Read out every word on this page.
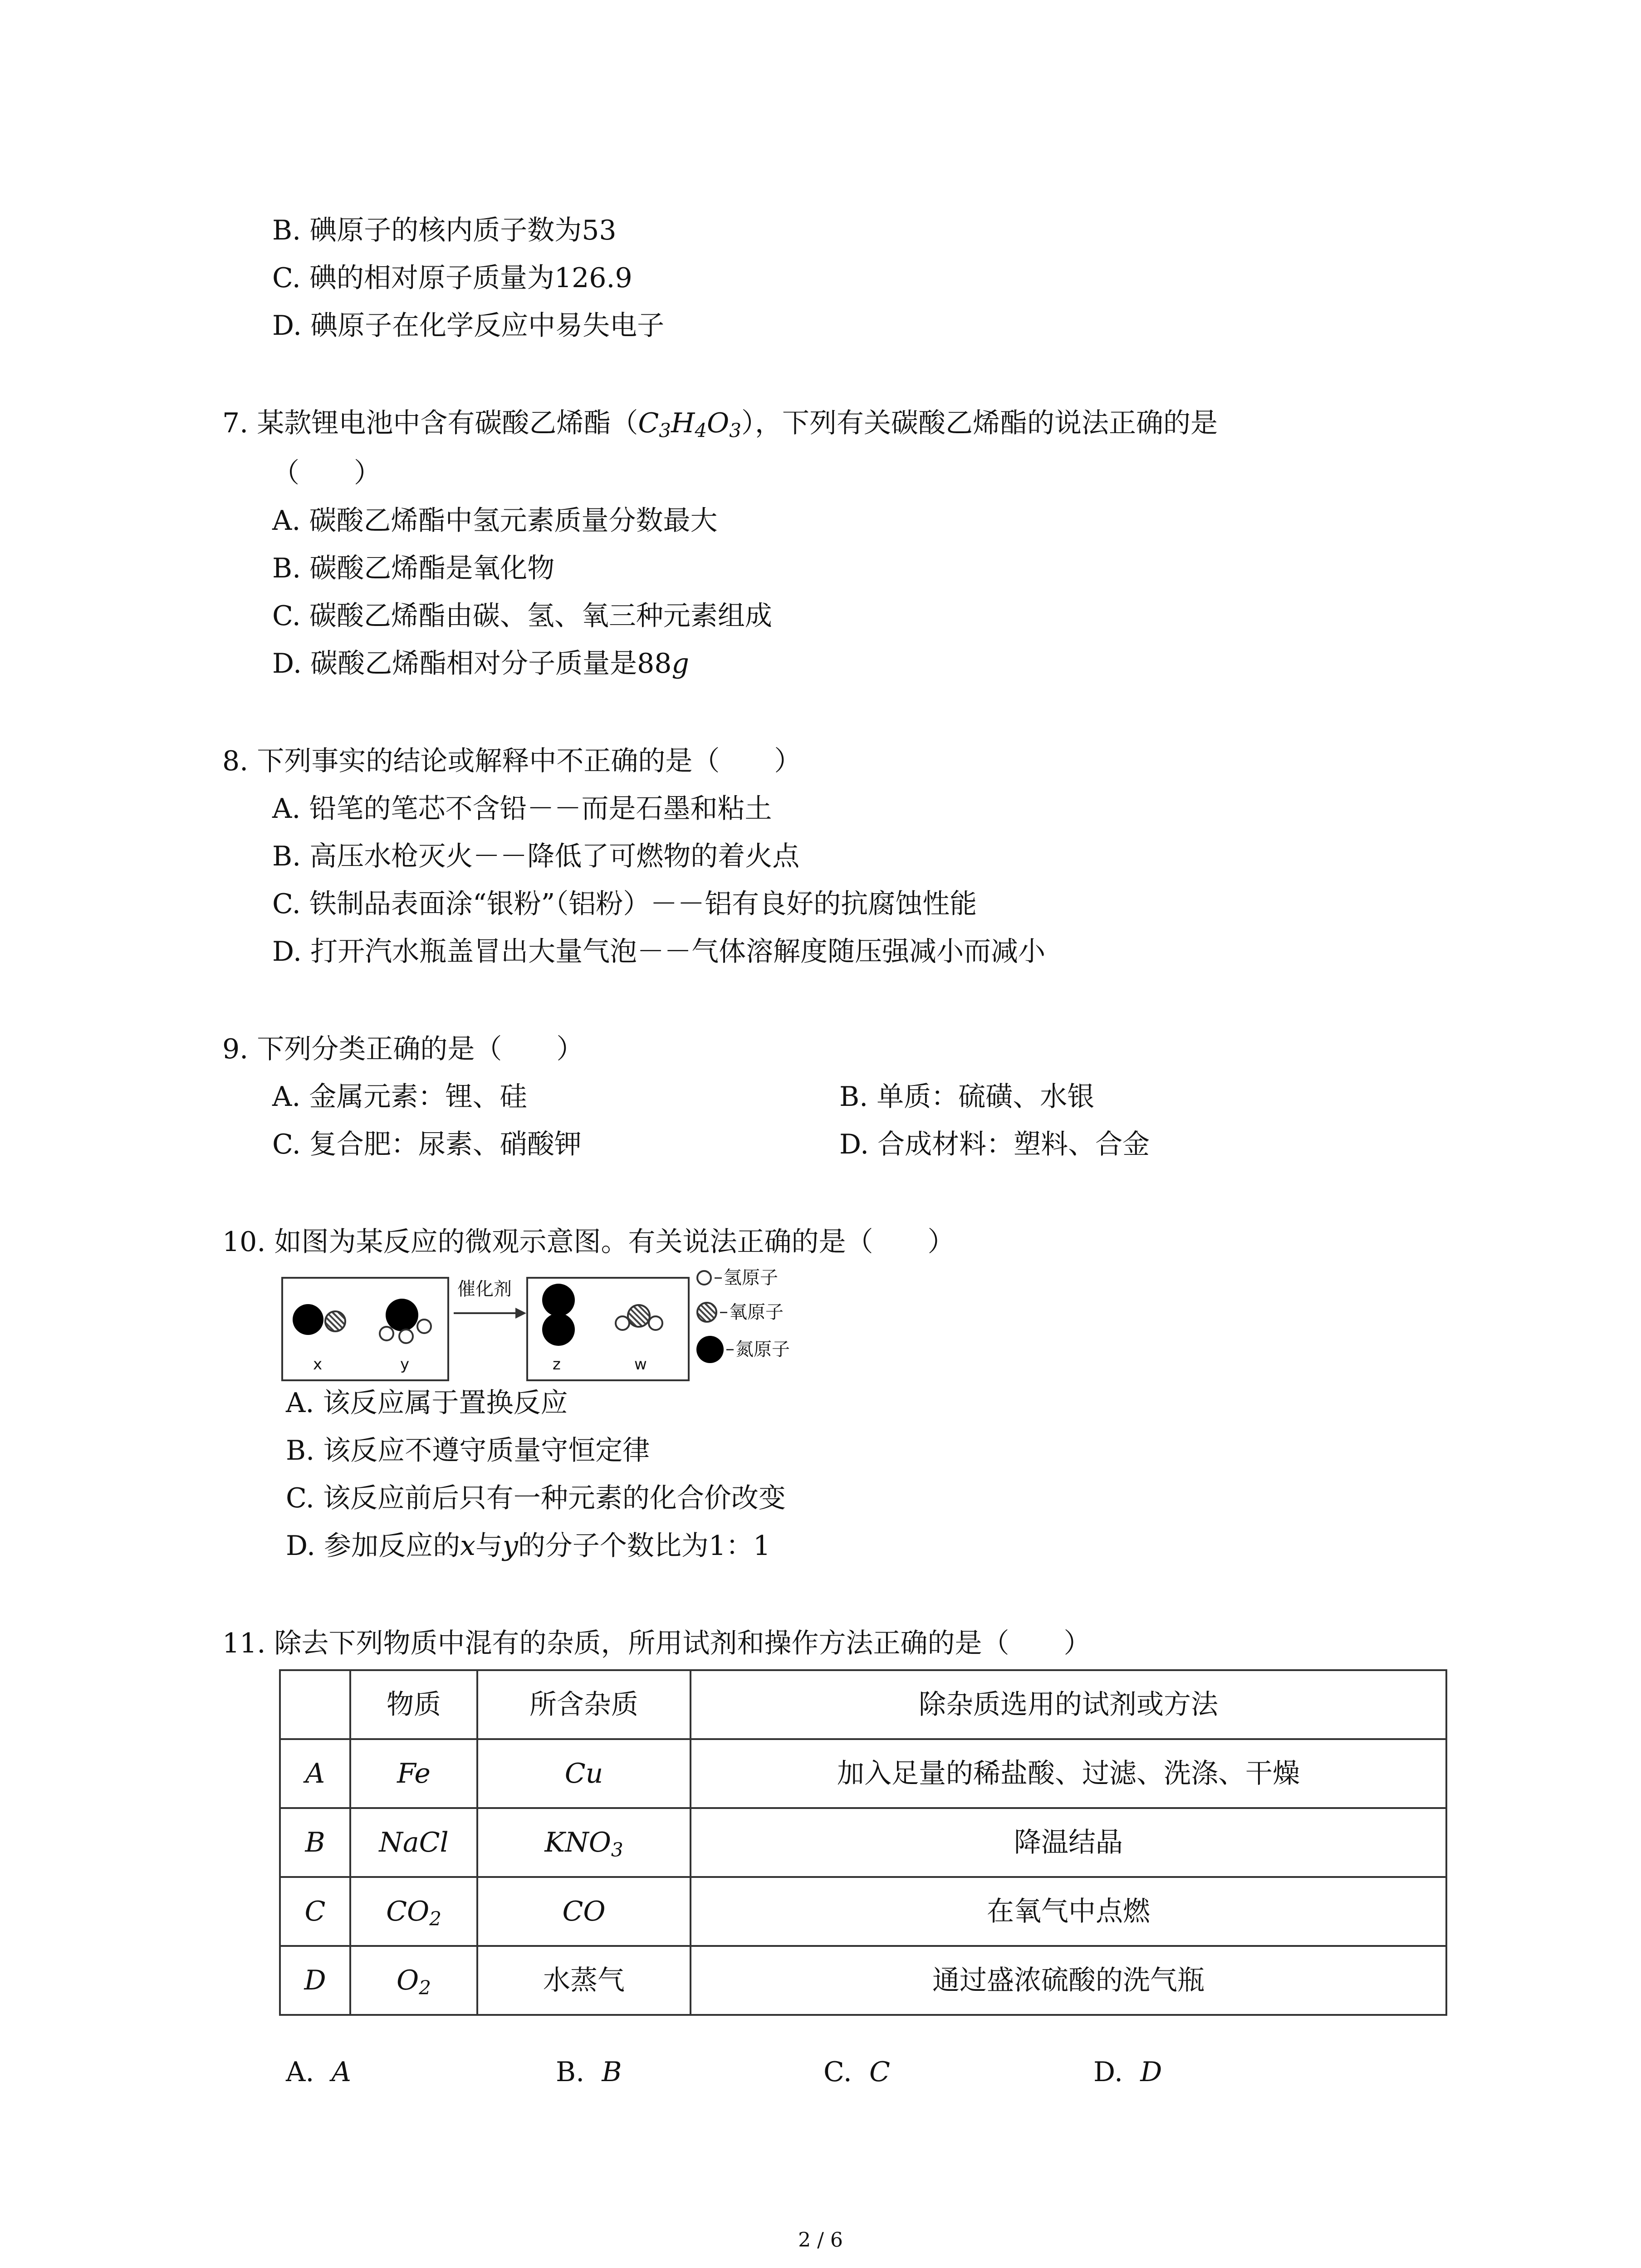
B. 碘原子的核内质子数为53
C. 碘的相对原子质量为126.9
D. 碘原子在化学反应中易失电子
7. 某款锂电池中含有碳酸乙烯酯$(C_3H_4O_3)$，下列有关碳酸乙烯酯的说法正确的是
（　　）
A. 碳酸乙烯酯中氢元素质量分数最大
B. 碳酸乙烯酯是氧化物
C. 碳酸乙烯酯由碳、氢、氧三种元素组成
D. 碳酸乙烯酯相对分子质量是88g
8. 下列事实的结论或解释中不正确的是（　　）
A. 铅笔的笔芯不含铅－－而是石墨和粘土
B. 高压水枪灭火－－降低了可燃物的着火点
C. 铁制品表面涂“银粉”（铝粉）－－铝有良好的抗腐蚀性能
D. 打开汽水瓶盖冒出大量气泡－－气体溶解度随压强减小而减小
9. 下列分类正确的是（　　）
A. 金属元素：锂、硅	B. 单质：硫磺、水银
C. 复合肥：尿素、硝酸钾	D. 合成材料：塑料、合金
10. 如图为某反应的微观示意图。有关说法正确的是（　　）
x	y
催化剂
z	w
氢原子
氧原子
氮原子
A. 该反应属于置换反应
B. 该反应不遵守质量守恒定律
C. 该反应前后只有一种元素的化合价改变
D. 参加反应的x与y的分子个数比为1：1
11. 除去下列物质中混有的杂质，所用试剂和操作方法正确的是（　　）
	物质	所含杂质	除杂质选用的试剂或方法
A	Fe	Cu	加入足量的稀盐酸、过滤、洗涤、干燥
B	NaCl	$KNO_3$	降温结晶
C	$CO_2$	CO	在氧气中点燃
D	$O_2$	水蒸气	通过盛浓硫酸的洗气瓶
A. A	B. B	C. C	D. D
2 / 6
